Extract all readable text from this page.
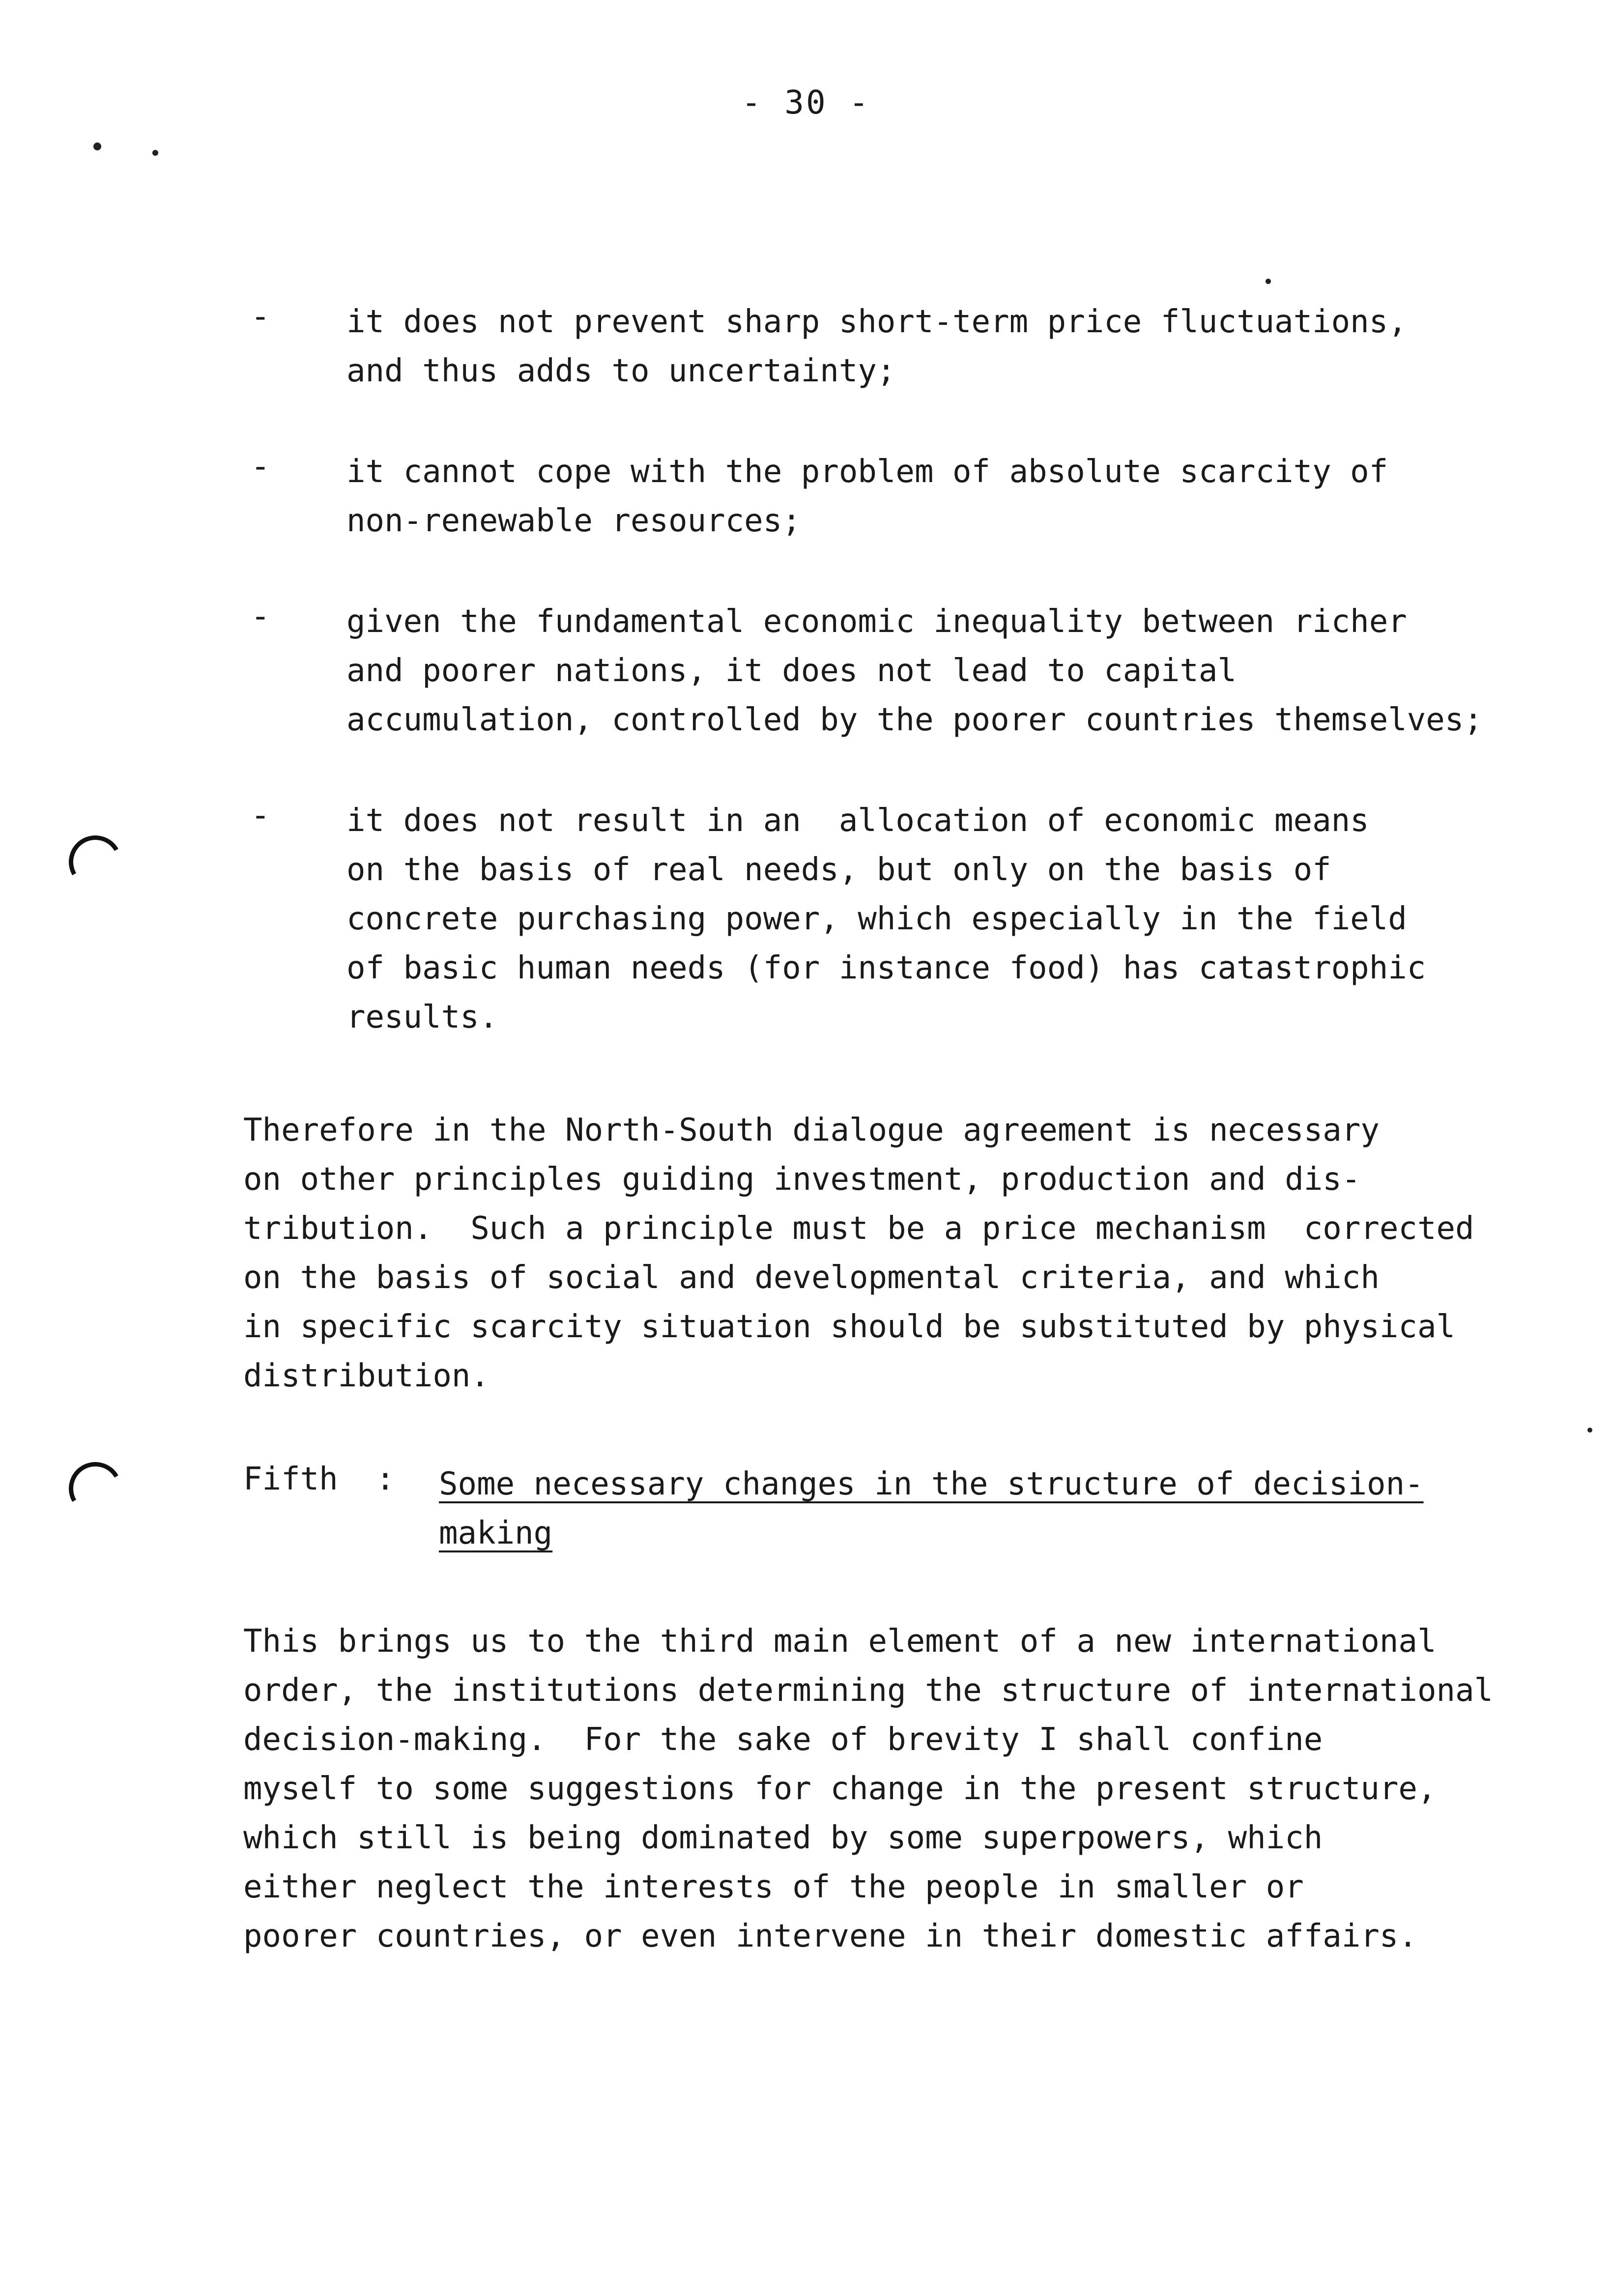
- 30 -
- it does not prevent sharp short-term price fluctuations,
and thus adds to uncertainty;
- it cannot cope with the problem of absolute scarcity of
non-renewable resources;
- given the fundamental economic inequality between richer
and poorer nations, it does not lead to capital
accumulation, controlled by the poorer countries themselves;
- it does not result in an  allocation of economic means
on the basis of real needs, but only on the basis of
concrete purchasing power, which especially in the field
of basic human needs (for instance food) has catastrophic
results.
Therefore in the North-South dialogue agreement is necessary
on other principles guiding investment, production and dis-
tribution.  Such a principle must be a price mechanism  corrected
on the basis of social and developmental criteria, and which
in specific scarcity situation should be substituted by physical
distribution.
Fifth  : Some necessary changes in the structure of decision-
making
This brings us to the third main element of a new international
order, the institutions determining the structure of international
decision-making.  For the sake of brevity I shall confine
myself to some suggestions for change in the present structure,
which still is being dominated by some superpowers, which
either neglect the interests of the people in smaller or
poorer countries, or even intervene in their domestic affairs.
